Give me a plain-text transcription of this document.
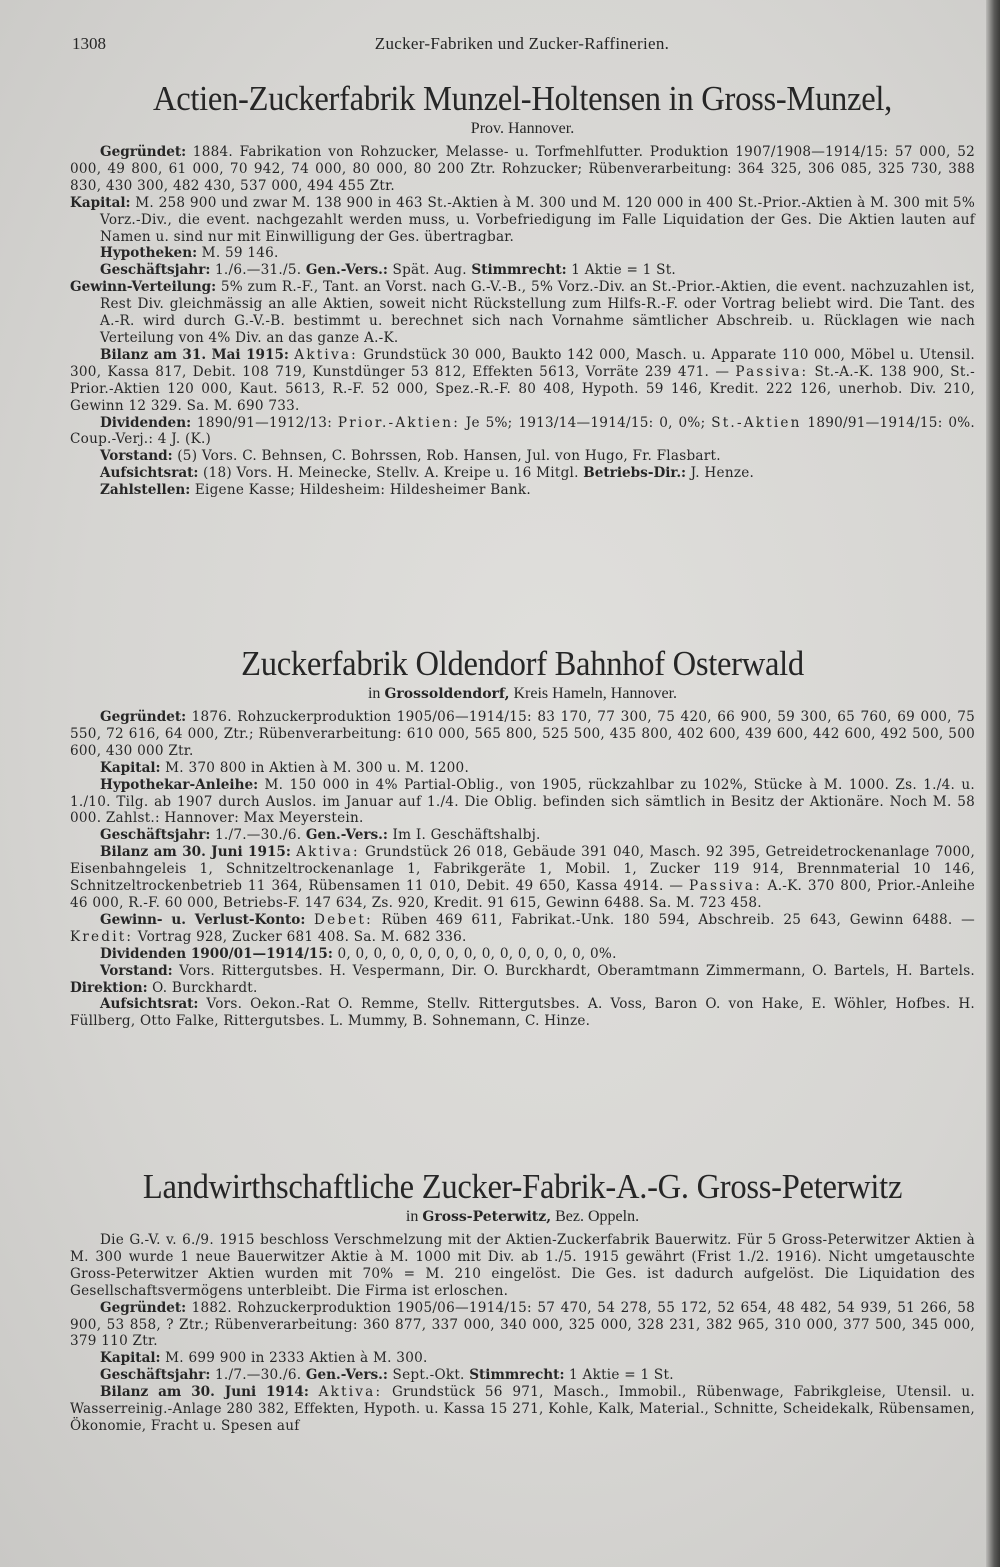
1308	Zucker-Fabriken und Zucker-Raffinerien.
Actien-Zuckerfabrik Munzel-Holtensen in Gross-Munzel,
Prov. Hannover.

Gegründet: 1884. Fabrikation von Rohzucker, Melasse- u. Torfmehlfutter. Produktion 1907/1908—1914/15: 57 000, 52 000, 49 800, 61 000, 70 942, 74 000, 80 000, 80 200 Ztr. Rohzucker; Rübenverarbeitung: 364 325, 306 085, 325 730, 388 830, 430 300, 482 430, 537 000, 494 455 Ztr.

Kapital: M. 258 900 und zwar M. 138 900 in 463 St.-Aktien à M. 300 und M. 120 000 in 400 St.-Prior.-Aktien à M. 300 mit 5% Vorz.-Div., die event. nachgezahlt werden muss, u. Vorbefriedigung im Falle Liquidation der Ges. Die Aktien lauten auf Namen u. sind nur mit Einwilligung der Ges. übertragbar.

Hypotheken: M. 59 146.

Geschäftsjahr: 1./6.—31./5. Gen.-Vers.: Spät. Aug. Stimmrecht: 1 Aktie = 1 St.

Gewinn-Verteilung: 5% zum R.-F., Tant. an Vorst. nach G.-V.-B., 5% Vorz.-Div. an St.-Prior.-Aktien, die event. nachzuzahlen ist, Rest Div. gleichmässig an alle Aktien, soweit nicht Rückstellung zum Hilfs-R.-F. oder Vortrag beliebt wird. Die Tant. des A.-R. wird durch G.-V.-B. bestimmt u. berechnet sich nach Vornahme sämtlicher Abschreib. u. Rücklagen wie nach Verteilung von 4% Div. an das ganze A.-K.

Bilanz am 31. Mai 1915: Aktiva: Grundstück 30 000, Baukto 142 000, Masch. u. Apparate 110 000, Möbel u. Utensil. 300, Kassa 817, Debit. 108 719, Kunstdünger 53 812, Effekten 5613, Vorräte 239 471. — Passiva: St.-A.-K. 138 900, St.-Prior.-Aktien 120 000, Kaut. 5613, R.-F. 52 000, Spez.-R.-F. 80 408, Hypoth. 59 146, Kredit. 222 126, unerhob. Div. 210, Gewinn 12 329. Sa. M. 690 733.

Dividenden: 1890/91—1912/13: Prior.-Aktien: Je 5%; 1913/14—1914/15: 0, 0%; St.-Aktien 1890/91—1914/15: 0%. Coup.-Verj.: 4 J. (K.)

Vorstand: (5) Vors. C. Behnsen, C. Bohrssen, Rob. Hansen, Jul. von Hugo, Fr. Flasbart.

Aufsichtsrat: (18) Vors. H. Meinecke, Stellv. A. Kreipe u. 16 Mitgl. Betriebs-Dir.: J. Henze.

Zahlstellen: Eigene Kasse; Hildesheim: Hildesheimer Bank.

Zuckerfabrik Oldendorf Bahnhof Osterwald
in Grossoldendorf, Kreis Hameln, Hannover.

Gegründet: 1876. Rohzuckerproduktion 1905/06—1914/15: 83 170, 77 300, 75 420, 66 900, 59 300, 65 760, 69 000, 75 550, 72 616, 64 000, Ztr.; Rübenverarbeitung: 610 000, 565 800, 525 500, 435 800, 402 600, 439 600, 442 600, 492 500, 500 600, 430 000 Ztr.

Kapital: M. 370 800 in Aktien à M. 300 u. M. 1200.

Hypothekar-Anleihe: M. 150 000 in 4% Partial-Oblig., von 1905, rückzahlbar zu 102%, Stücke à M. 1000. Zs. 1./4. u. 1./10. Tilg. ab 1907 durch Auslos. im Januar auf 1./4. Die Oblig. befinden sich sämtlich in Besitz der Aktionäre. Noch M. 58 000. Zahlst.: Hannover: Max Meyerstein.

Geschäftsjahr: 1./7.—30./6. Gen.-Vers.: Im I. Geschäftshalbj.

Bilanz am 30. Juni 1915: Aktiva: Grundstück 26 018, Gebäude 391 040, Masch. 92 395, Getreidetrockenanlage 7000, Eisenbahngeleis 1, Schnitzeltrockenanlage 1, Fabrikgeräte 1, Mobil. 1, Zucker 119 914, Brennmaterial 10 146, Schnitzeltrockenbetrieb 11 364, Rübensamen 11 010, Debit. 49 650, Kassa 4914. — Passiva: A.-K. 370 800, Prior.-Anleihe 46 000, R.-F. 60 000, Betriebs-F. 147 634, Zs. 920, Kredit. 91 615, Gewinn 6488. Sa. M. 723 458.

Gewinn- u. Verlust-Konto: Debet: Rüben 469 611, Fabrikat.-Unk. 180 594, Abschreib. 25 643, Gewinn 6488. — Kredit: Vortrag 928, Zucker 681 408. Sa. M. 682 336.

Dividenden 1900/01—1914/15: 0, 0, 0, 0, 0, 0, 0, 0, 0, 0, 0, 0, 0, 0, 0%.

Vorstand: Vors. Rittergutsbes. H. Vespermann, Dir. O. Burckhardt, Oberamtmann Zimmermann, O. Bartels, H. Bartels. Direktion: O. Burckhardt.

Aufsichtsrat: Vors. Oekon.-Rat O. Remme, Stellv. Rittergutsbes. A. Voss, Baron O. von Hake, E. Wöhler, Hofbes. H. Füllberg, Otto Falke, Rittergutsbes. L. Mummy, B. Sohnemann, C. Hinze.

Landwirthschaftliche Zucker-Fabrik-A.-G. Gross-Peterwitz
in Gross-Peterwitz, Bez. Oppeln.

Die G.-V. v. 6./9. 1915 beschloss Verschmelzung mit der Aktien-Zuckerfabrik Bauerwitz. Für 5 Gross-Peterwitzer Aktien à M. 300 wurde 1 neue Bauerwitzer Aktie à M. 1000 mit Div. ab 1./5. 1915 gewährt (Frist 1./2. 1916). Nicht umgetauschte Gross-Peterwitzer Aktien wurden mit 70% = M. 210 eingelöst. Die Ges. ist dadurch aufgelöst. Die Liquidation des Gesellschaftsvermögens unterbleibt. Die Firma ist erloschen.

Gegründet: 1882. Rohzuckerproduktion 1905/06—1914/15: 57 470, 54 278, 55 172, 52 654, 48 482, 54 939, 51 266, 58 900, 53 858, ? Ztr.; Rübenverarbeitung: 360 877, 337 000, 340 000, 325 000, 328 231, 382 965, 310 000, 377 500, 345 000, 379 110 Ztr.

Kapital: M. 699 900 in 2333 Aktien à M. 300.

Geschäftsjahr: 1./7.—30./6. Gen.-Vers.: Sept.-Okt. Stimmrecht: 1 Aktie = 1 St.

Bilanz am 30. Juni 1914: Aktiva: Grundstück 56 971, Masch., Immobil., Rübenwage, Fabrikgleise, Utensil. u. Wasserreinig.-Anlage 280 382, Effekten, Hypoth. u. Kassa 15 271, Kohle, Kalk, Material., Schnitte, Scheidekalk, Rübensamen, Ökonomie, Fracht u. Spesen auf
